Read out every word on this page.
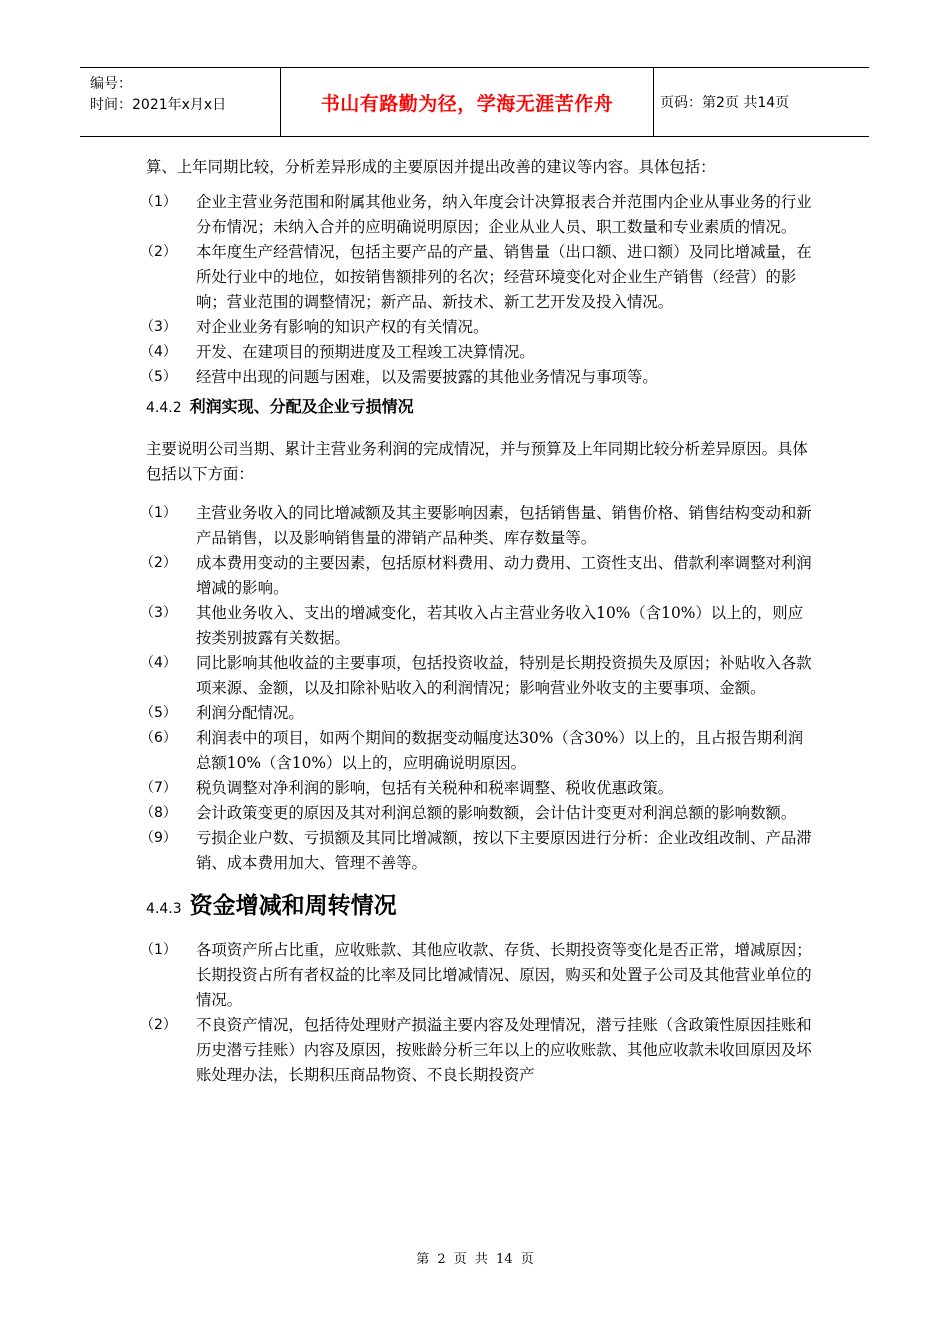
编号：
时间：2021年x月x日	书山有路勤为径，学海无涯苦作舟	页码：第2页 共14页

算、上年同期比较，分析差异形成的主要原因并提出改善的建议等内容。具体包括：

（1）	企业主营业务范围和附属其他业务，纳入年度会计决算报表合并范围内企业从事业务的行业分布情况；未纳入合并的应明确说明原因；企业从业人员、职工数量和专业素质的情况。
（2）	本年度生产经营情况，包括主要产品的产量、销售量（出口额、进口额）及同比增减量，在所处行业中的地位，如按销售额排列的名次；经营环境变化对企业生产销售（经营）的影响；营业范围的调整情况；新产品、新技术、新工艺开发及投入情况。
（3）	对企业业务有影响的知识产权的有关情况。
（4）	开发、在建项目的预期进度及工程竣工决算情况。
（5）	经营中出现的问题与困难，以及需要披露的其他业务情况与事项等。
4.4.2 利润实现、分配及企业亏损情况

主要说明公司当期、累计主营业务利润的完成情况，并与预算及上年同期比较分析差异原因。具体包括以下方面：

（1）	主营业务收入的同比增减额及其主要影响因素，包括销售量、销售价格、销售结构变动和新产品销售，以及影响销售量的滞销产品种类、库存数量等。
（2）	成本费用变动的主要因素，包括原材料费用、动力费用、工资性支出、借款利率调整对利润增减的影响。
（3）	其他业务收入、支出的增减变化，若其收入占主营业务收入10%（含10%）以上的，则应按类别披露有关数据。
（4）	同比影响其他收益的主要事项，包括投资收益，特别是长期投资损失及原因；补贴收入各款项来源、金额，以及扣除补贴收入的利润情况；影响营业外收支的主要事项、金额。
（5）	利润分配情况。
（6）	利润表中的项目，如两个期间的数据变动幅度达30%（含30%）以上的，且占报告期利润总额10%（含10%）以上的，应明确说明原因。
（7）	税负调整对净利润的影响，包括有关税种和税率调整、税收优惠政策。
（8）	会计政策变更的原因及其对利润总额的影响数额，会计估计变更对利润总额的影响数额。
（9）	亏损企业户数、亏损额及其同比增减额，按以下主要原因进行分析：企业改组改制、产品滞销、成本费用加大、管理不善等。
4.4.3 资金增减和周转情况
（1）	各项资产所占比重，应收账款、其他应收款、存货、长期投资等变化是否正常，增减原因；长期投资占所有者权益的比率及同比增减情况、原因，购买和处置子公司及其他营业单位的情况。
（2）	不良资产情况，包括待处理财产损溢主要内容及处理情况，潜亏挂账（含政策性原因挂账和历史潜亏挂账）内容及原因，按账龄分析三年以上的应收账款、其他应收款未收回原因及坏账处理办法，长期积压商品物资、不良长期投资产
第 2 页 共 14 页
